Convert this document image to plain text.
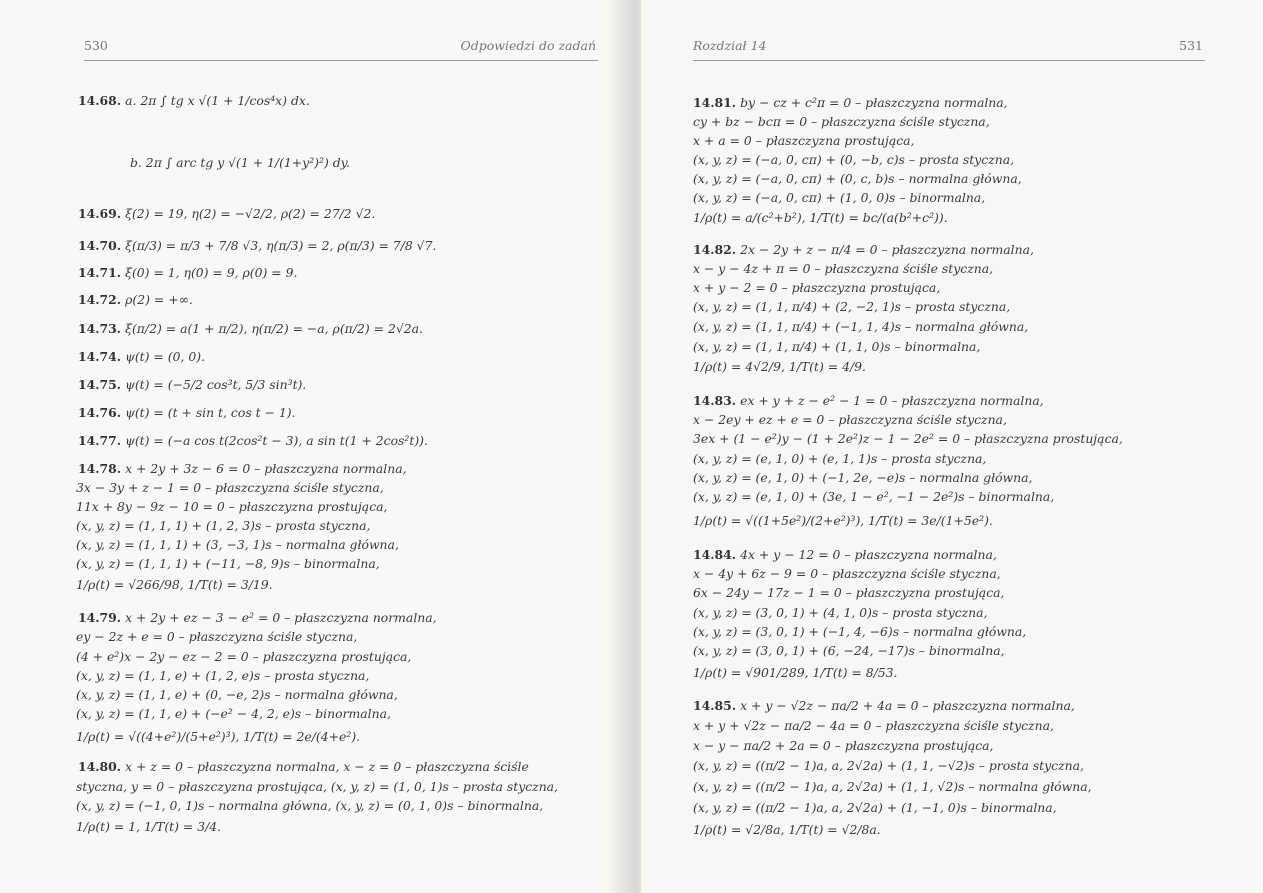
530	Odpowiedzi do zadań
14.68. a. 2π ∫ tg x √(1 + 1/cos⁴x) dx.
b. 2π ∫ arc tg y √(1 + 1/(1+y²)²) dy.
14.69. ξ(2) = 19, η(2) = −√2/2, ρ(2) = 27/2 √2.
14.70. ξ(π/3) = π/3 + 7/8 √3, η(π/3) = 2, ρ(π/3) = 7/8 √7.
14.71. ξ(0) = 1, η(0) = 9, ρ(0) = 9.
14.72. ρ(2) = +∞.
14.73. ξ(π/2) = a(1 + π/2), η(π/2) = −a, ρ(π/2) = 2√2a.
14.74. ψ(t) = (0, 0).
14.75. ψ(t) = (−5/2 cos³t, 5/3 sin³t).
14.76. ψ(t) = (t + sin t, cos t − 1).
14.77. ψ(t) = (−a cos t(2cos²t − 3), a sin t(1 + 2cos²t)).
14.78. x + 2y + 3z − 6 = 0 – płaszczyzna normalna,
3x − 3y + z − 1 = 0 – płaszczyzna ściśle styczna,
11x + 8y − 9z − 10 = 0 – płaszczyzna prostująca,
(x, y, z) = (1, 1, 1) + (1, 2, 3)s – prosta styczna,
(x, y, z) = (1, 1, 1) + (3, −3, 1)s – normalna główna,
(x, y, z) = (1, 1, 1) + (−11, −8, 9)s – binormalna,
1/ρ(t) = √266/98, 1/T(t) = 3/19.
14.79. x + 2y + ez − 3 − e² = 0 – płaszczyzna normalna,
ey − 2z + e = 0 – płaszczyzna ściśle styczna,
(4 + e²)x − 2y − ez − 2 = 0 – płaszczyzna prostująca,
(x, y, z) = (1, 1, e) + (1, 2, e)s – prosta styczna,
(x, y, z) = (1, 1, e) + (0, −e, 2)s – normalna główna,
(x, y, z) = (1, 1, e) + (−e² − 4, 2, e)s – binormalna,
1/ρ(t) = √((4+e²)/(5+e²)³), 1/T(t) = 2e/(4+e²).
14.80. x + z = 0 – płaszczyzna normalna, x − z = 0 – płaszczyzna ściśle
styczna, y = 0 – płaszczyzna prostująca, (x, y, z) = (1, 0, 1)s – prosta styczna,
(x, y, z) = (−1, 0, 1)s – normalna główna, (x, y, z) = (0, 1, 0)s – binormalna,
1/ρ(t) = 1, 1/T(t) = 3/4.
Rozdział 14	531
14.81. by − cz + c²π = 0 – płaszczyzna normalna,
cy + bz − bcπ = 0 – płaszczyzna ściśle styczna,
x + a = 0 – płaszczyzna prostująca,
(x, y, z) = (−a, 0, cπ) + (0, −b, c)s – prosta styczna,
(x, y, z) = (−a, 0, cπ) + (0, c, b)s – normalna główna,
(x, y, z) = (−a, 0, cπ) + (1, 0, 0)s – binormalna,
1/ρ(t) = a/(c²+b²), 1/T(t) = bc/(a(b²+c²)).
14.82. 2x − 2y + z − π/4 = 0 – płaszczyzna normalna,
x − y − 4z + π = 0 – płaszczyzna ściśle styczna,
x + y − 2 = 0 – płaszczyzna prostująca,
(x, y, z) = (1, 1, π/4) + (2, −2, 1)s – prosta styczna,
(x, y, z) = (1, 1, π/4) + (−1, 1, 4)s – normalna główna,
(x, y, z) = (1, 1, π/4) + (1, 1, 0)s – binormalna,
1/ρ(t) = 4√2/9, 1/T(t) = 4/9.
14.83. ex + y + z − e² − 1 = 0 – płaszczyzna normalna,
x − 2ey + ez + e = 0 – płaszczyzna ściśle styczna,
3ex + (1 − e²)y − (1 + 2e²)z − 1 − 2e² = 0 – płaszczyzna prostująca,
(x, y, z) = (e, 1, 0) + (e, 1, 1)s – prosta styczna,
(x, y, z) = (e, 1, 0) + (−1, 2e, −e)s – normalna główna,
(x, y, z) = (e, 1, 0) + (3e, 1 − e², −1 − 2e²)s – binormalna,
1/ρ(t) = √((1+5e²)/(2+e²)³), 1/T(t) = 3e/(1+5e²).
14.84. 4x + y − 12 = 0 – płaszczyzna normalna,
x − 4y + 6z − 9 = 0 – płaszczyzna ściśle styczna,
6x − 24y − 17z − 1 = 0 – płaszczyzna prostująca,
(x, y, z) = (3, 0, 1) + (4, 1, 0)s – prosta styczna,
(x, y, z) = (3, 0, 1) + (−1, 4, −6)s – normalna główna,
(x, y, z) = (3, 0, 1) + (6, −24, −17)s – binormalna,
1/ρ(t) = √901/289, 1/T(t) = 8/53.
14.85. x + y − √2z − πa/2 + 4a = 0 – płaszczyzna normalna,
x + y + √2z − πa/2 − 4a = 0 – płaszczyzna ściśle styczna,
x − y − πa/2 + 2a = 0 – płaszczyzna prostująca,
(x, y, z) = ((π/2 − 1)a, a, 2√2a) + (1, 1, −√2)s – prosta styczna,
(x, y, z) = ((π/2 − 1)a, a, 2√2a) + (1, 1, √2)s – normalna główna,
(x, y, z) = ((π/2 − 1)a, a, 2√2a) + (1, −1, 0)s – binormalna,
1/ρ(t) = √2/8a, 1/T(t) = √2/8a.
